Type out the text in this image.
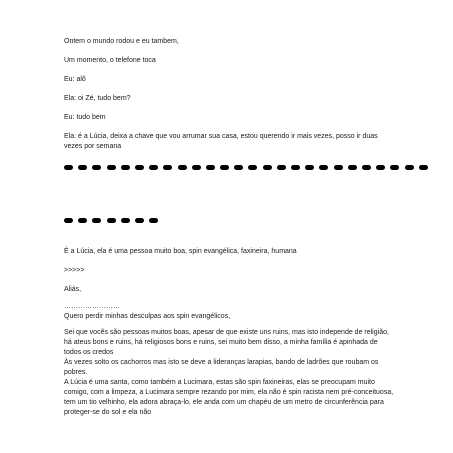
Ontem o mundo rodou e eu tambem,

Um momento, o telefone toca

Eu: alô

Ela: oi Zé, tudo bem?

Eu: tudo bem

Ela: é a Lúcia, deixa a chave que vou arrumar sua casa, estou querendo ir mais vezes, posso ir duas vezes por semana

É a Lúcia, ela é uma pessoa muito boa, spin evangélica, faxineira, humana

>>>>>

Aliás,

……………………

Quero perdir minhas desculpas aos spin evangélicos,

Sei que vocês são pessoas muitos boas, apesar de que existe uns ruins, mas isto independe de religião, há ateus bons e ruins, há religiosos bons e ruins, sei muito bem disso, a minha família é apinhada de todos os credos

Às vezes solto os cachorros mas isto se deve a lideranças larapias, bando de ladrões que roubam os pobres.

A Lúcia é uma santa, como também a Lucimara, estas são spin faxineiras, elas se preocupam muito comigo, com a limpeza, a Lucimara sempre rezando por mim, ela não é spin racista nem pré-conceituosa, tem um tio velhinho, ela adora abraça-lo, ele anda com um chapéu de um metro de circunferência para proteger-se do sol e ela não
